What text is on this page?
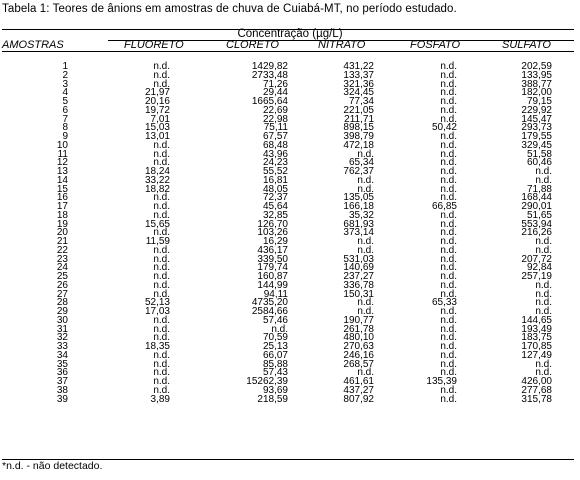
Tabela 1: Teores de ânions em amostras de chuva de Cuiabá-MT, no período estudado.
Concentração (µg/L)
AMOSTRAS	FLUORETO	CLORETO	NITRATO	FOSFATO	SULFATO
1	n.d.	1429,82	431,22	n.d.	202,59
2	n.d.	2733,48	133,37	n.d.	133,95
3	n.d.	71,26	321,36	n.d.	388,77
4	21,97	29,44	324,45	n.d.	182,00
5	20,16	1665,64	77,34	n.d.	79,15
6	19,72	22,69	221,05	n.d.	229,92
7	7,01	22,98	211,71	n.d.	145,47
8	15,03	75,11	898,15	50,42	293,73
9	13,01	67,57	398,79	n.d.	179,55
10	n.d.	68,48	472,18	n.d.	329,45
11	n.d.	43,96	n.d.	n.d.	51,58
12	n.d.	24,23	65,34	n.d.	60,46
13	18,24	55,52	762,37	n.d.	n.d.
14	33,22	16,81	n.d.	n.d.	n.d.
15	18,82	48,05	n.d.	n.d.	71,88
16	n.d.	72,37	135,05	n.d.	168,44
17	n.d.	45,64	166,18	66,85	290,01
18	n.d.	32,85	35,32	n.d.	51,65
19	15,65	126,70	681,93	n.d.	553,94
20	n.d.	103,26	373,14	n.d.	216,26
21	11,59	16,29	n.d.	n.d.	n.d.
22	n.d.	436,17	n.d.	n.d.	n.d.
23	n.d.	339,50	531,03	n.d.	207,72
24	n.d.	179,74	140,69	n.d.	92,84
25	n.d.	160,87	237,27	n.d.	257,19
26	n.d.	144,99	336,78	n.d.	n.d.
27	n.d.	94,11	150,31	n.d.	n.d.
28	52,13	4735,20	n.d.	65,33	n.d.
29	17,03	2584,66	n.d.	n.d.	n.d.
30	n.d.	57,46	190,77	n.d.	144,65
31	n.d.	n.d.	261,78	n.d.	193,49
32	n.d.	70,59	480,10	n.d.	183,75
33	18,35	25,13	270,63	n.d.	170,85
34	n.d.	66,07	246,16	n.d.	127,49
35	n.d.	85,88	268,57	n.d.	n.d.
36	n.d.	57,43	n.d.	n.d.	n.d.
37	n.d.	15262,39	461,61	135,39	426,00
38	n.d.	93,69	437,27	n.d.	277,68
39	3,89	218,59	807,92	n.d.	315,78
*n.d. - não detectado.
